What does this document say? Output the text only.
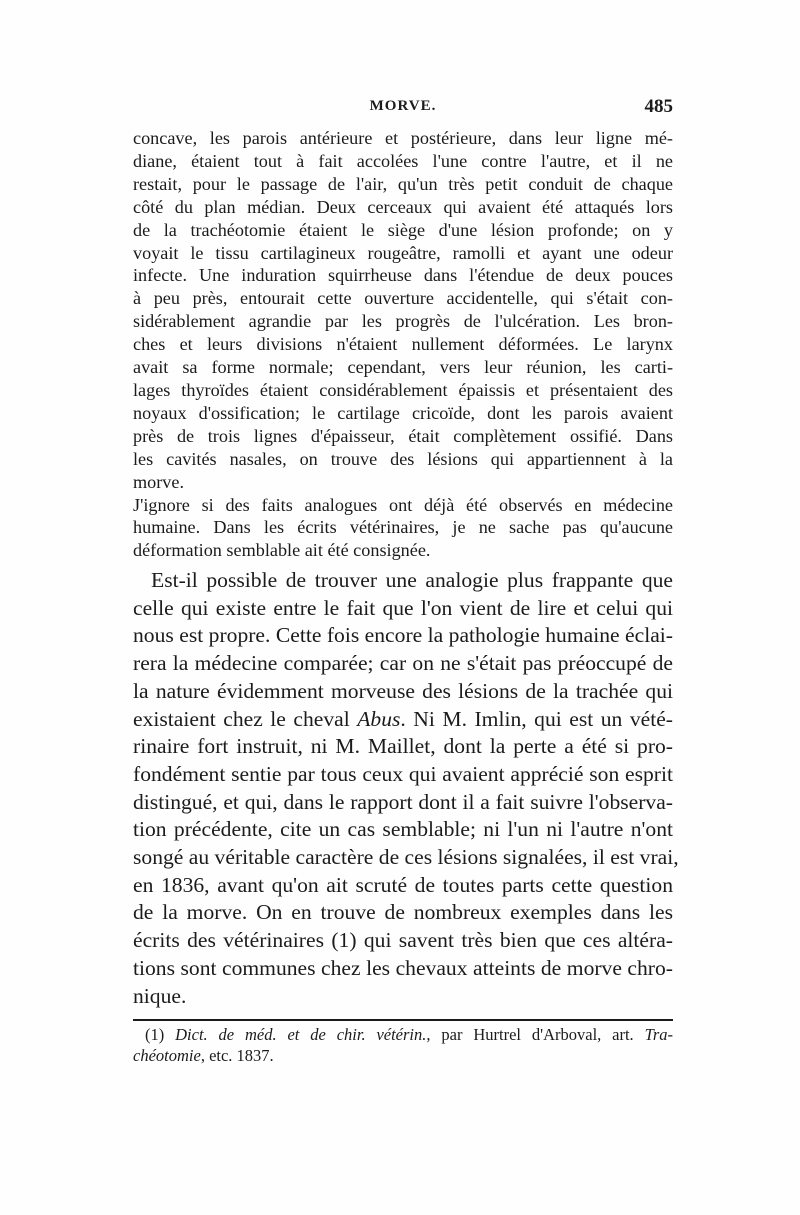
MORVE.	485
concave, les parois antérieure et postérieure, dans leur ligne mé-
diane, étaient tout à fait accolées l'une contre l'autre, et il ne
restait, pour le passage de l'air, qu'un très petit conduit de chaque
côté du plan médian. Deux cerceaux qui avaient été attaqués lors
de la trachéotomie étaient le siège d'une lésion profonde; on y
voyait le tissu cartilagineux rougeâtre, ramolli et ayant une odeur
infecte. Une induration squirrheuse dans l'étendue de deux pouces
à peu près, entourait cette ouverture accidentelle, qui s'était con-
sidérablement agrandie par les progrès de l'ulcération. Les bron-
ches et leurs divisions n'étaient nullement déformées. Le larynx
avait sa forme normale; cependant, vers leur réunion, les carti-
lages thyroïdes étaient considérablement épaissis et présentaient des
noyaux d'ossification; le cartilage cricoïde, dont les parois avaient
près de trois lignes d'épaisseur, était complètement ossifié. Dans
les cavités nasales, on trouve des lésions qui appartiennent à la
morve.
J'ignore si des faits analogues ont déjà été observés en médecine
humaine. Dans les écrits vétérinaires, je ne sache pas qu'aucune
déformation semblable ait été consignée.
Est-il possible de trouver une analogie plus frappante que
celle qui existe entre le fait que l'on vient de lire et celui qui
nous est propre. Cette fois encore la pathologie humaine éclai-
rera la médecine comparée; car on ne s'était pas préoccupé de
la nature évidemment morveuse des lésions de la trachée qui
existaient chez le cheval Abus. Ni M. Imlin, qui est un vété-
rinaire fort instruit, ni M. Maillet, dont la perte a été si pro-
fondément sentie par tous ceux qui avaient apprécié son esprit
distingué, et qui, dans le rapport dont il a fait suivre l'observa-
tion précédente, cite un cas semblable; ni l'un ni l'autre n'ont
songé au véritable caractère de ces lésions signalées, il est vrai,
en 1836, avant qu'on ait scruté de toutes parts cette question
de la morve. On en trouve de nombreux exemples dans les
écrits des vétérinaires (1) qui savent très bien que ces altéra-
tions sont communes chez les chevaux atteints de morve chro-
nique.
(1) Dict. de méd. et de chir. vétérin., par Hurtrel d'Arboval, art. Tra-
chéotomie, etc. 1837.
